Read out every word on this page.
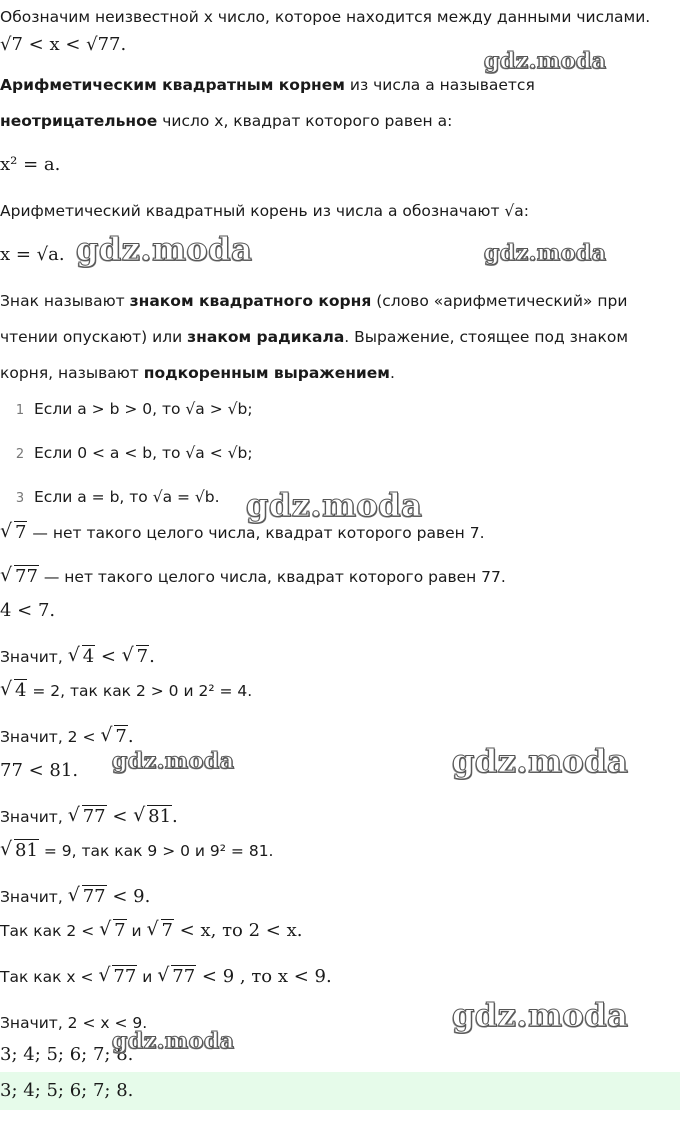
Обозначим неизвестной x число, которое находится между данными числами.
√7 < x < √77.
Арифметическим квадратным корнем из числа a называется
неотрицательное число x, квадрат которого равен a:
x² = a.
Арифметический квадратный корень из числа a обозначают √a:
x = √a.
Знак называют знаком квадратного корня (слово «арифметический» при
чтении опускают) или знаком радикала. Выражение, стоящее под знаком
корня, называют подкоренным выражением.
1 Если a > b > 0, то √a > √b;
2 Если 0 < a < b, то √a < √b;
3 Если a = b, то √a = √b.
√ 7 — нет такого целого числа, квадрат которого равен 7.
√ 77 — нет такого целого числа, квадрат которого равен 77.
4 < 7.
Значит, √ 4 < √ 7.
√ 4 = 2, так как 2 > 0 и 2² = 4.
Значит, 2 < √ 7.
77 < 81.
Значит, √ 77 < √ 81.
√ 81 = 9, так как 9 > 0 и 9² = 81.
Значит, √ 77 < 9.
Так как 2 < √ 7 и √ 7 < x, то 2 < x.
Так как x < √ 77 и √ 77 < 9 , то x < 9.
Значит, 2 < x < 9.
3; 4; 5; 6; 7; 8.
3; 4; 5; 6; 7; 8.
gdz.moda
gdz.moda	gdz.moda
gdz.moda
gdz.moda	gdz.moda
gdz.moda
gdz.moda
